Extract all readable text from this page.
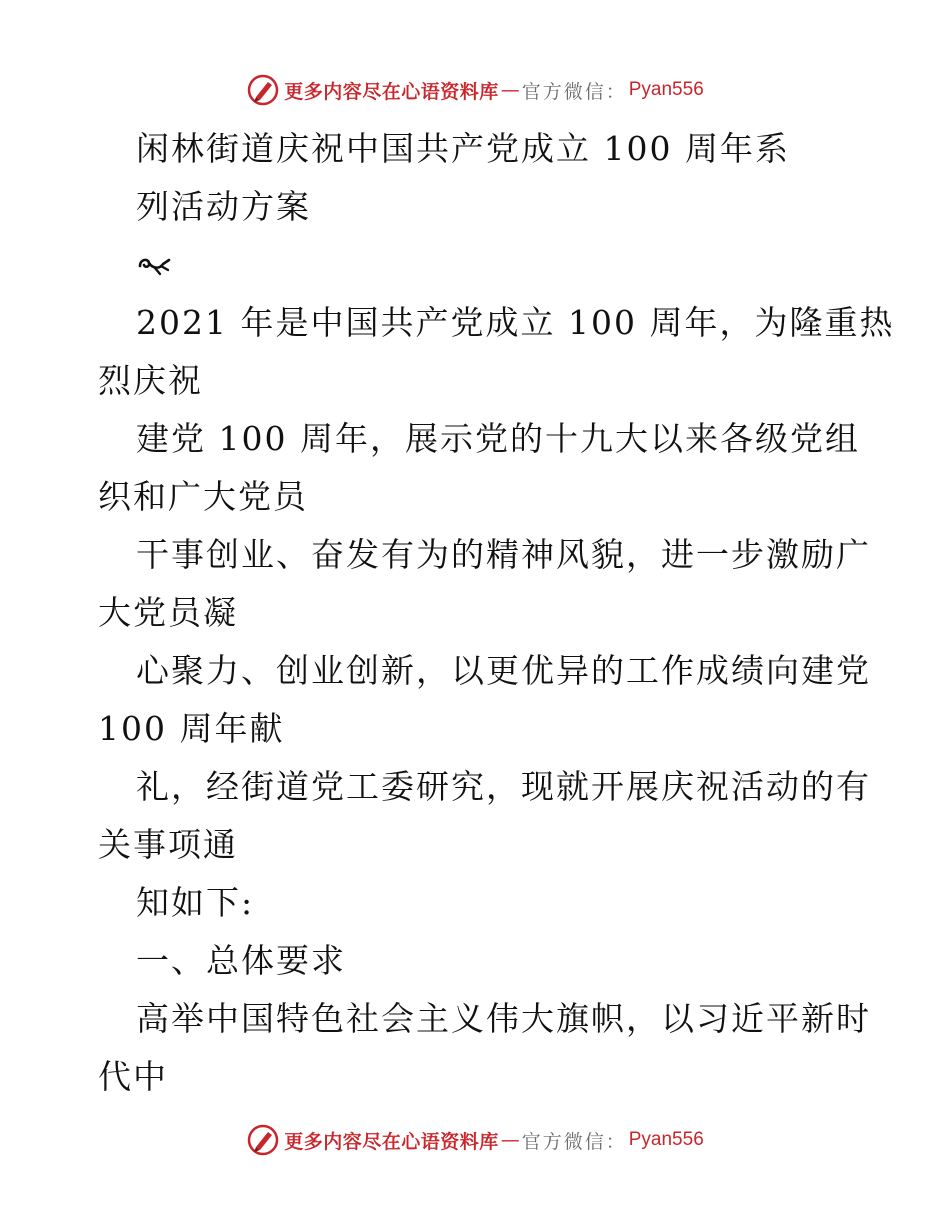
更多内容尽在心语资料库 — 官方微信： Pyan556
闲林街道庆祝中国共产党成立 100 周年系
列活动方案
2021 年是中国共产党成立 100 周年，为隆重热
烈庆祝
建党 100 周年，展示党的十九大以来各级党组
织和广大党员
干事创业、奋发有为的精神风貌，进一步激励广
大党员凝
心聚力、创业创新，以更优异的工作成绩向建党
100 周年献
礼，经街道党工委研究，现就开展庆祝活动的有
关事项通
知如下:
一、总体要求
高举中国特色社会主义伟大旗帜，以习近平新时
代中
更多内容尽在心语资料库 — 官方微信： Pyan556
